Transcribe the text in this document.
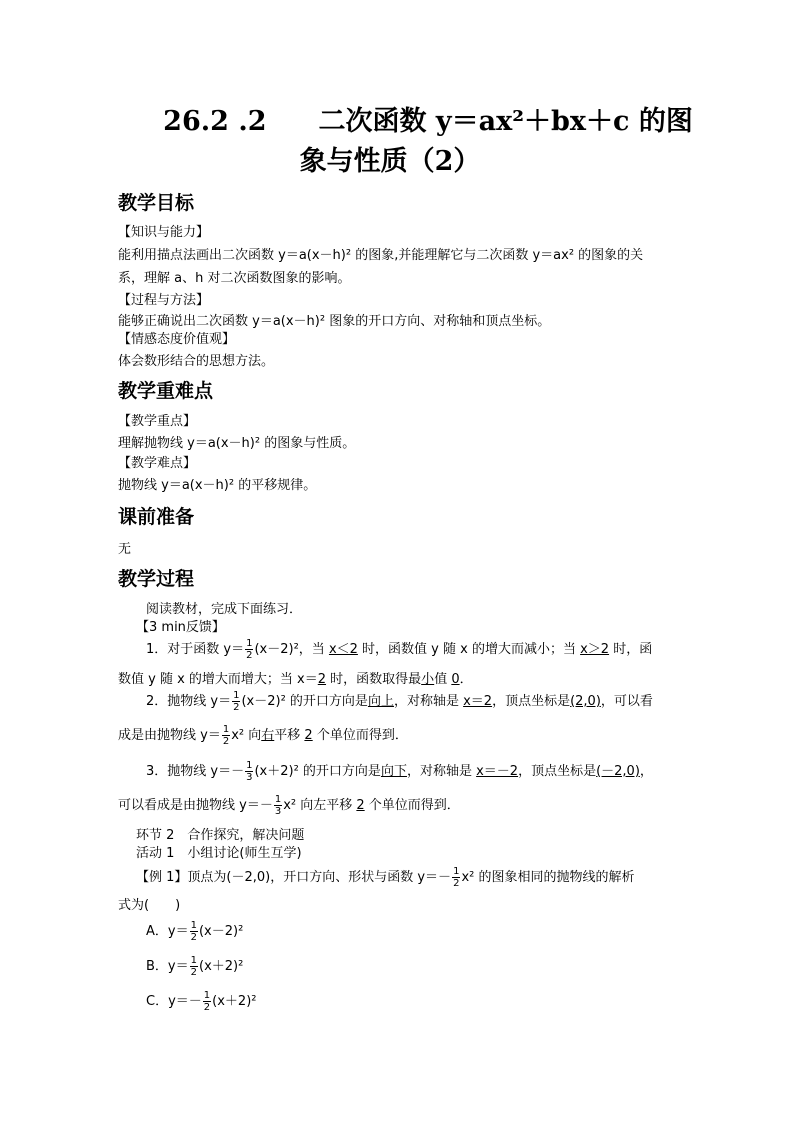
26.2 .2 二次函数 y＝ax²＋bx＋c 的图
象与性质（2）
教学目标
【知识与能力】
能利用描点法画出二次函数 y＝a(x－h)² 的图象,并能理解它与二次函数 y＝ax² 的图象的关
系，理解 a、h 对二次函数图象的影响。
【过程与方法】
能够正确说出二次函数 y＝a(x－h)² 图象的开口方向、对称轴和顶点坐标。
【情感态度价值观】
体会数形结合的思想方法。
教学重难点
【教学重点】
理解抛物线 y＝a(x－h)² 的图象与性质。
【教学难点】
抛物线 y＝a(x－h)² 的平移规律。
课前准备
无
教学过程
阅读教材，完成下面练习．
【3 min反馈】
1．对于函数 $y= \frac{1}{2} (x-2)^2$，当 x＜2 时，函数值 y 随 x 的增大而减小；当 x＞2 时，函
数值 y 随 x 的增大而增大；当 x＝2 时，函数取得最小值 0．
2．抛物线 $y= \frac{1}{2} (x-2)^2$ 的开口方向是向上，对称轴是 x＝2，顶点坐标是(2,0)，可以看
成是由抛物线 $y= \frac{1}{2} x^2$ 向右平移 2 个单位而得到．
3．抛物线 $y=- \frac{1}{3} (x+2)^2$ 的开口方向是向下，对称轴是 x＝－2，顶点坐标是(－2,0)，
可以看成是由抛物线 $y=- \frac{1}{3} x^2$ 向左平移 2 个单位而得到．
环节 2　合作探究，解决问题
活动 1　小组讨论(师生互学)
【例 1】顶点为(－2,0)，开口方向、形状与函数 $y=- \frac{1}{2} x^2$ 的图象相同的抛物线的解析
式为(　　)
A．$y= \frac{1}{2} (x-2)^2$
B．$y= \frac{1}{2} (x+2)^2$
C．$y=- \frac{1}{2} (x+2)^2$
